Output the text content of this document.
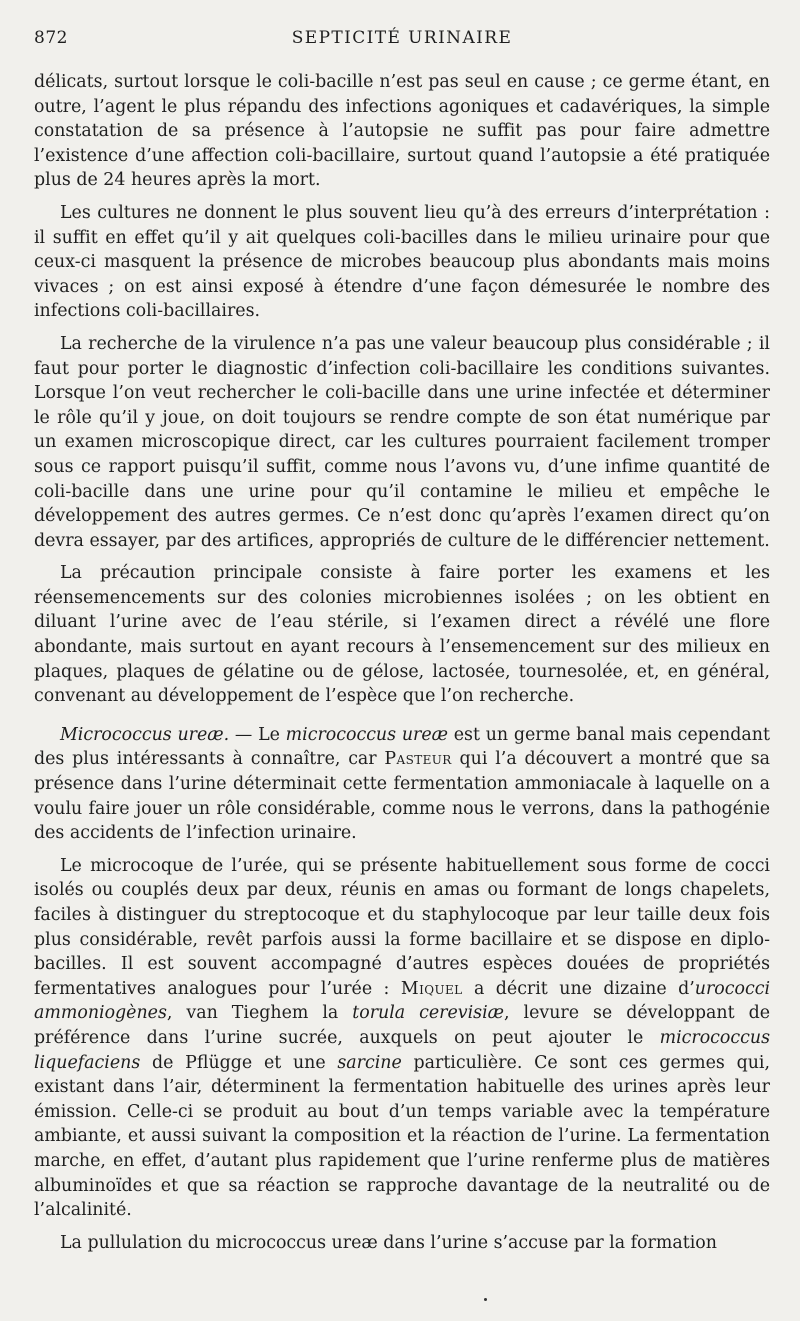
872	SEPTICITÉ URINAIRE

délicats, surtout lorsque le coli-bacille n’est pas seul en cause ; ce germe étant, en outre, l’agent le plus répandu des infections agoniques et cadavériques, la simple constatation de sa présence à l’autopsie ne suffit pas pour faire admettre l’existence d’une affection coli-bacillaire, surtout quand l’autopsie a été pratiquée plus de 24 heures après la mort.

Les cultures ne donnent le plus souvent lieu qu’à des erreurs d’interprétation : il suffit en effet qu’il y ait quelques coli-bacilles dans le milieu urinaire pour que ceux-ci masquent la présence de microbes beaucoup plus abondants mais moins vivaces ; on est ainsi exposé à étendre d’une façon démesurée le nombre des infections coli-bacillaires.

La recherche de la virulence n’a pas une valeur beaucoup plus considérable ; il faut pour porter le diagnostic d’infection coli-bacillaire les conditions suivantes. Lorsque l’on veut rechercher le coli-bacille dans une urine infectée et déterminer le rôle qu’il y joue, on doit toujours se rendre compte de son état numérique par un examen microscopique direct, car les cultures pourraient facilement tromper sous ce rapport puisqu’il suffit, comme nous l’avons vu, d’une infime quantité de coli-bacille dans une urine pour qu’il contamine le milieu et empêche le développement des autres germes. Ce n’est donc qu’après l’examen direct qu’on devra essayer, par des artifices, appropriés de culture de le différencier nettement.

La précaution principale consiste à faire porter les examens et les réensemencements sur des colonies microbiennes isolées ; on les obtient en diluant l’urine avec de l’eau stérile, si l’examen direct a révélé une flore abondante, mais surtout en ayant recours à l’ensemencement sur des milieux en plaques, plaques de gélatine ou de gélose, lactosée, tournesolée, et, en général, convenant au développement de l’espèce que l’on recherche.

Micrococcus ureæ. — Le micrococcus ureæ est un germe banal mais cependant des plus intéressants à connaître, car Pasteur qui l’a découvert a montré que sa présence dans l’urine déterminait cette fermentation ammoniacale à laquelle on a voulu faire jouer un rôle considérable, comme nous le verrons, dans la pathogénie des accidents de l’infection urinaire.

Le microcoque de l’urée, qui se présente habituellement sous forme de cocci isolés ou couplés deux par deux, réunis en amas ou formant de longs chapelets, faciles à distinguer du streptocoque et du staphylocoque par leur taille deux fois plus considérable, revêt parfois aussi la forme bacillaire et se dispose en diplo-bacilles. Il est souvent accompagné d’autres espèces douées de propriétés fermentatives analogues pour l’urée : Miquel a décrit une dizaine d’urococci ammoniogènes, van Tieghem la torula cerevisiæ, levure se développant de préférence dans l’urine sucrée, auxquels on peut ajouter le micrococcus liquefaciens de Pflügge et une sarcine particulière. Ce sont ces germes qui, existant dans l’air, déterminent la fermentation habituelle des urines après leur émission. Celle-ci se produit au bout d’un temps variable avec la température ambiante, et aussi suivant la composition et la réaction de l’urine. La fermentation marche, en effet, d’autant plus rapidement que l’urine renferme plus de matières albuminoïdes et que sa réaction se rapproche davantage de la neutralité ou de l’alcalinité.

La pullulation du micrococcus ureæ dans l’urine s’accuse par la formation
